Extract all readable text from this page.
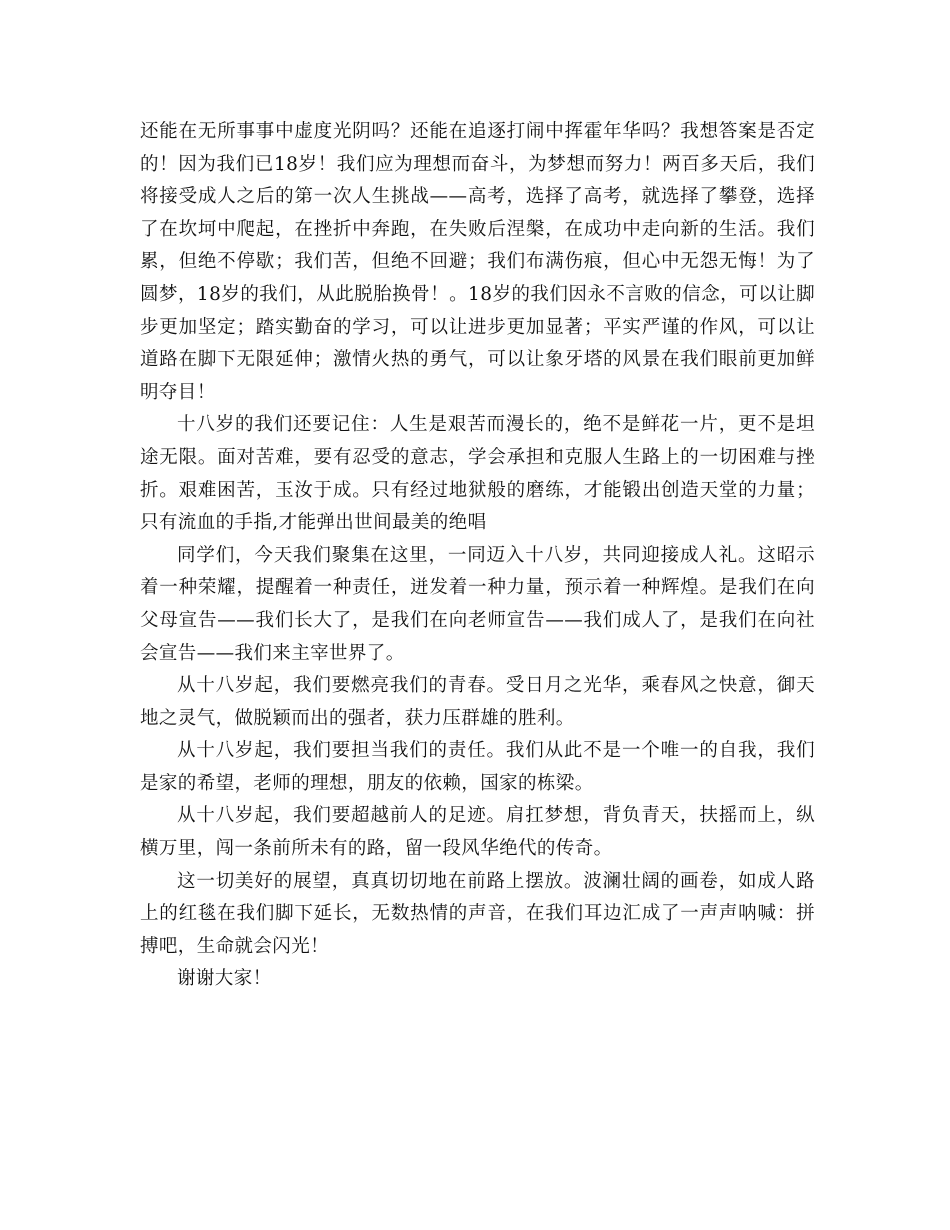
还能在无所事事中虚度光阴吗？还能在追逐打闹中挥霍年华吗？我想答案是否定的！因为我们已18岁！我们应为理想而奋斗，为梦想而努力！两百多天后，我们将接受成人之后的第一次人生挑战——高考，选择了高考，就选择了攀登，选择了在坎坷中爬起，在挫折中奔跑，在失败后涅槃，在成功中走向新的生活。我们累，但绝不停歇；我们苦，但绝不回避；我们布满伤痕，但心中无怨无悔！为了圆梦，18岁的我们，从此脱胎换骨！。18岁的我们因永不言败的信念，可以让脚步更加坚定；踏实勤奋的学习，可以让进步更加显著；平实严谨的作风，可以让道路在脚下无限延伸；激情火热的勇气，可以让象牙塔的风景在我们眼前更加鲜明夺目！

十八岁的我们还要记住：人生是艰苦而漫长的，绝不是鲜花一片，更不是坦途无限。面对苦难，要有忍受的意志，学会承担和克服人生路上的一切困难与挫折。艰难困苦，玉汝于成。只有经过地狱般的磨练，才能锻出创造天堂的力量；只有流血的手指,才能弹出世间最美的绝唱

同学们，今天我们聚集在这里，一同迈入十八岁，共同迎接成人礼。这昭示着一种荣耀，提醒着一种责任，迸发着一种力量，预示着一种辉煌。是我们在向父母宣告——我们长大了，是我们在向老师宣告——我们成人了，是我们在向社会宣告——我们来主宰世界了。

从十八岁起，我们要燃亮我们的青春。受日月之光华，乘春风之快意，御天地之灵气，做脱颖而出的强者，获力压群雄的胜利。

从十八岁起，我们要担当我们的责任。我们从此不是一个唯一的自我，我们是家的希望，老师的理想，朋友的依赖，国家的栋梁。

从十八岁起，我们要超越前人的足迹。肩扛梦想，背负青天，扶摇而上，纵横万里，闯一条前所未有的路，留一段风华绝代的传奇。

这一切美好的展望，真真切切地在前路上摆放。波澜壮阔的画卷，如成人路上的红毯在我们脚下延长，无数热情的声音，在我们耳边汇成了一声声呐喊：拼搏吧，生命就会闪光！

谢谢大家！
